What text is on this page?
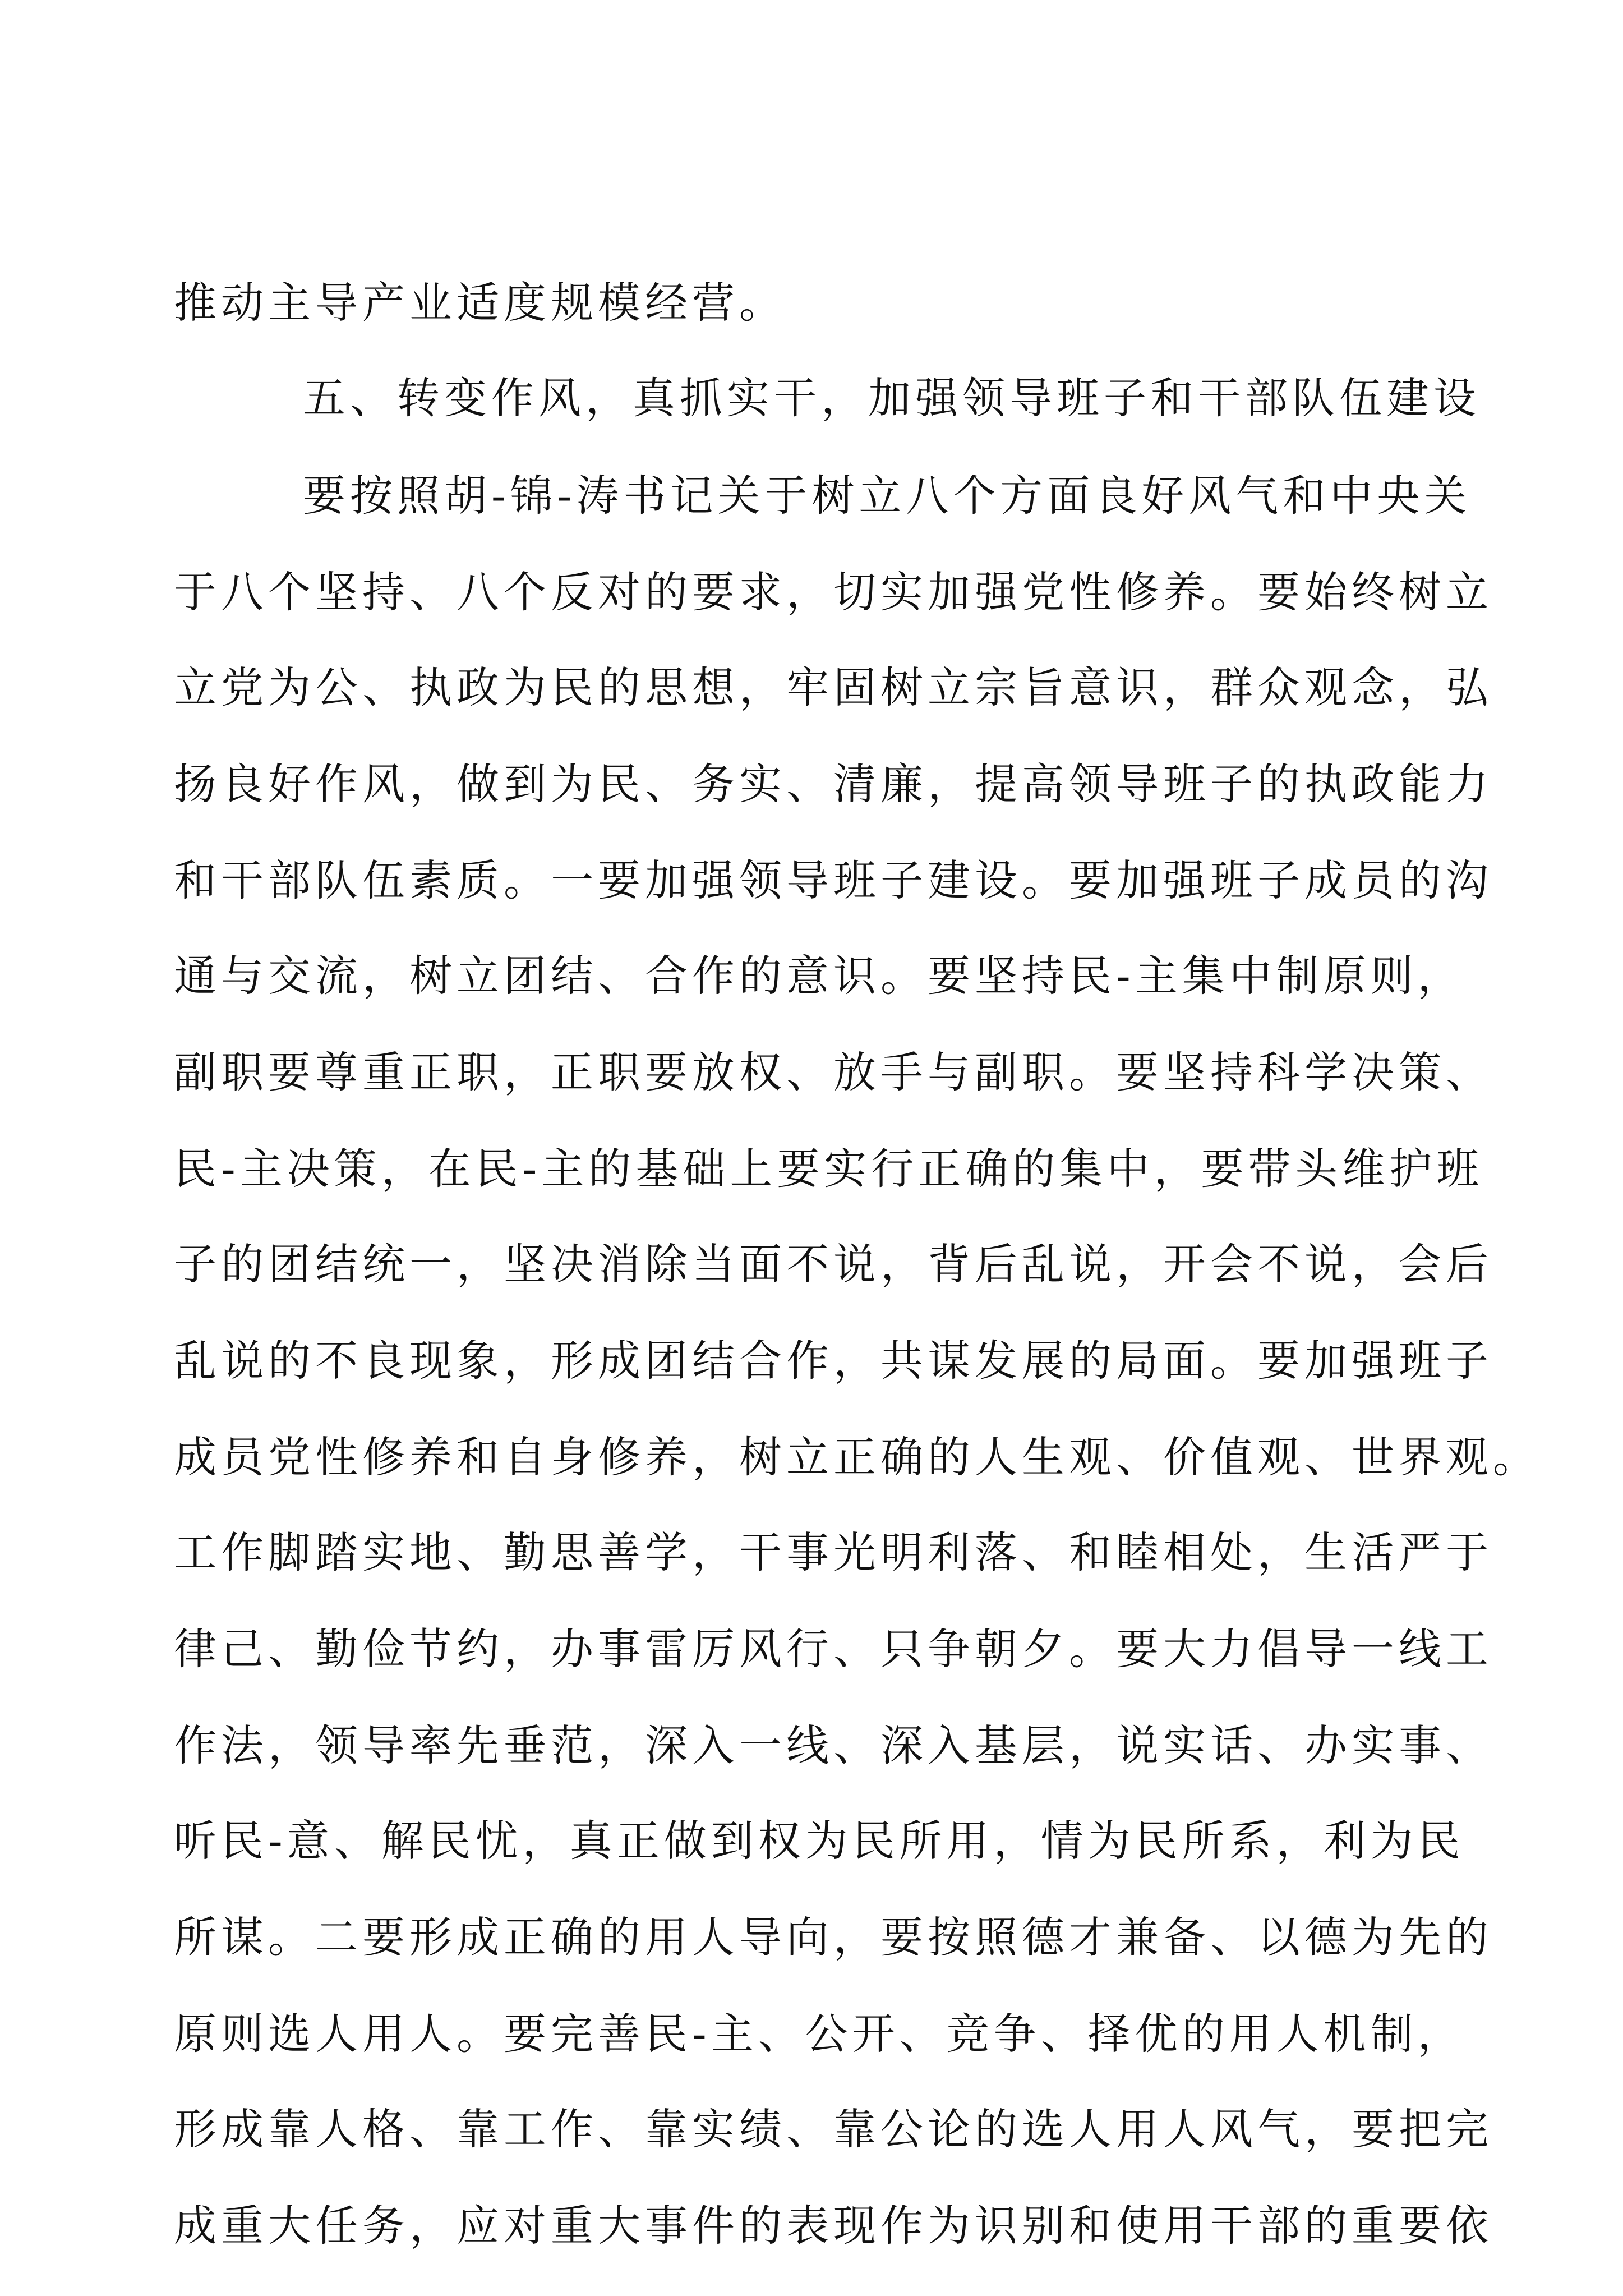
推动主导产业适度规模经营。
五、转变作风，真抓实干，加强领导班子和干部队伍建设
要按照胡-锦-涛书记关于树立八个方面良好风气和中央关
于八个坚持、八个反对的要求，切实加强党性修养。要始终树立
立党为公、执政为民的思想，牢固树立宗旨意识，群众观念，弘
扬良好作风，做到为民、务实、清廉，提高领导班子的执政能力
和干部队伍素质。一要加强领导班子建设。要加强班子成员的沟
通与交流，树立团结、合作的意识。要坚持民-主集中制原则，
副职要尊重正职，正职要放权、放手与副职。要坚持科学决策、
民-主决策，在民-主的基础上要实行正确的集中，要带头维护班
子的团结统一，坚决消除当面不说，背后乱说，开会不说，会后
乱说的不良现象，形成团结合作，共谋发展的局面。要加强班子
成员党性修养和自身修养，树立正确的人生观、价值观、世界观。
工作脚踏实地、勤思善学，干事光明利落、和睦相处，生活严于
律己、勤俭节约，办事雷厉风行、只争朝夕。要大力倡导一线工
作法，领导率先垂范，深入一线、深入基层，说实话、办实事、
听民-意、解民忧，真正做到权为民所用，情为民所系，利为民
所谋。二要形成正确的用人导向，要按照德才兼备、以德为先的
原则选人用人。要完善民-主、公开、竞争、择优的用人机制，
形成靠人格、靠工作、靠实绩、靠公论的选人用人风气，要把完
成重大任务，应对重大事件的表现作为识别和使用干部的重要依
